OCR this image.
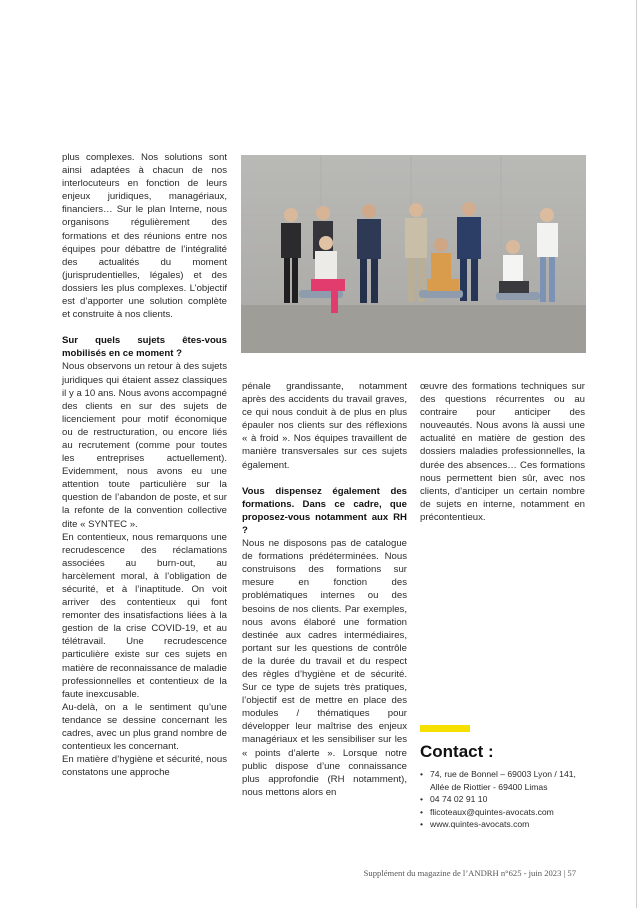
plus complexes. Nos solutions sont ainsi adaptées à chacun de nos interlocuteurs en fonction de leurs enjeux juridiques, managériaux, financiers… Sur le plan Interne, nous organisons régulièrement des formations et des réunions entre nos équipes pour débattre de l’intégralité des actualités du moment (jurisprudentielles, légales) et des dossiers les plus complexes. L’objectif est d’apporter une solution complète et construite à nos clients.

Sur quels sujets êtes-vous mobilisés en ce moment ?

Nous observons un retour à des sujets juridiques qui étaient assez classiques il y a 10 ans. Nous avons accompagné des clients en sur des sujets de licenciement pour motif économique ou de restructuration, ou encore liés au recrutement (comme pour toutes les entreprises actuellement). Evidemment, nous avons eu une attention toute particulière sur la question de l’abandon de poste, et sur la refonte de la convention collective dite « SYNTEC ».

En contentieux, nous remarquons une recrudescence des réclamations associées au burn-out, au harcèlement moral, à l’obligation de sécurité, et à l’inaptitude. On voit arriver des contentieux qui font remonter des insatisfactions liées à la gestion de la crise COVID-19, et au télétravail. Une recrudescence particulière existe sur ces sujets en matière de reconnaissance de maladie professionnelles et contentieux de la faute inexcusable.

Au-delà, on a le sentiment qu’une tendance se dessine concernant les cadres, avec un plus grand nombre de contentieux les concernant.

En matière d’hygiène et sécurité, nous constatons une approche

pénale grandissante, notamment après des accidents du travail graves, ce qui nous conduit à de plus en plus épauler nos clients sur des réflexions « à froid ». Nos équipes travaillent de manière transversales sur ces sujets également.

Vous dispensez également des formations. Dans ce cadre, que proposez-vous notamment aux RH ?

Nous ne disposons pas de catalogue de formations prédéterminées. Nous construisons des formations sur mesure en fonction des problématiques internes ou des besoins de nos clients. Par exemples, nous avons élaboré une formation destinée aux cadres intermédiaires, portant sur les questions de contrôle de la durée du travail et du respect des règles d’hygiène et de sécurité. Sur ce type de sujets très pratiques, l’objectif est de mettre en place des modules / thématiques pour développer leur maîtrise des enjeux managériaux et les sensibiliser sur les « points d’alerte ». Lorsque notre public dispose d’une connaissance plus approfondie (RH notamment), nous mettons alors en

œuvre des formations techniques sur des questions récurrentes ou au contraire pour anticiper des nouveautés. Nous avons là aussi une actualité en matière de gestion des dossiers maladies professionnelles, la durée des absences… Ces formations nous permettent bien sûr, avec nos clients, d’anticiper un certain nombre de sujets en interne, notamment en précontentieux.

Contact :
• 74, rue de Bonnel – 69003 Lyon / 141, Allée de Riottier - 69400 Limas
• 04 74 02 91 10
• flicoteaux@quintes-avocats.com
• www.quintes-avocats.com
Supplément du magazine de l’ANDRH n°625 - juin 2023 | 57
